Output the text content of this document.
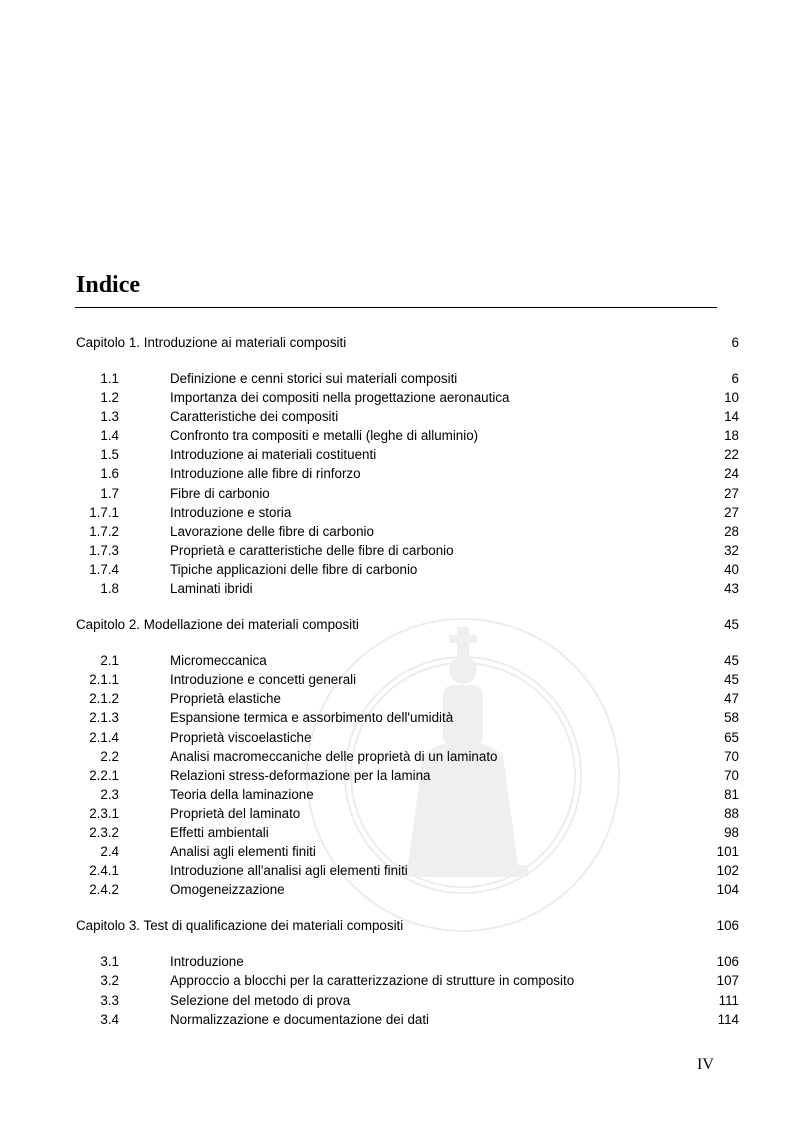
Indice
Capitolo 1. Introduzione ai materiali compositi	6
1.1	Definizione e cenni storici sui materiali compositi	6
1.2	Importanza dei compositi nella progettazione aeronautica	10
1.3	Caratteristiche dei compositi	14
1.4	Confronto tra compositi e metalli (leghe di alluminio)	18
1.5	Introduzione ai materiali costituenti	22
1.6	Introduzione alle fibre di rinforzo	24
1.7	Fibre di carbonio	27
1.7.1	Introduzione e storia	27
1.7.2	Lavorazione delle fibre di carbonio	28
1.7.3	Proprietà e caratteristiche delle fibre di carbonio	32
1.7.4	Tipiche applicazioni delle fibre di carbonio	40
1.8	Laminati ibridi	43
Capitolo 2. Modellazione dei materiali compositi	45
2.1	Micromeccanica	45
2.1.1	Introduzione e concetti generali	45
2.1.2	Proprietà elastiche	47
2.1.3	Espansione termica e assorbimento dell'umidità	58
2.1.4	Proprietà viscoelastiche	65
2.2	Analisi macromeccaniche delle proprietà di un laminato	70
2.2.1	Relazioni stress-deformazione per la lamina	70
2.3	Teoria della laminazione	81
2.3.1	Proprietà del laminato	88
2.3.2	Effetti ambientali	98
2.4	Analisi agli elementi finiti	101
2.4.1	Introduzione all'analisi agli elementi finiti	102
2.4.2	Omogeneizzazione	104
Capitolo 3. Test di qualificazione dei materiali compositi	106
3.1	Introduzione	106
3.2	Approccio a blocchi per la caratterizzazione di strutture in composito	107
3.3	Selezione del metodo di prova	111
3.4	Normalizzazione e documentazione dei dati	114
IV
